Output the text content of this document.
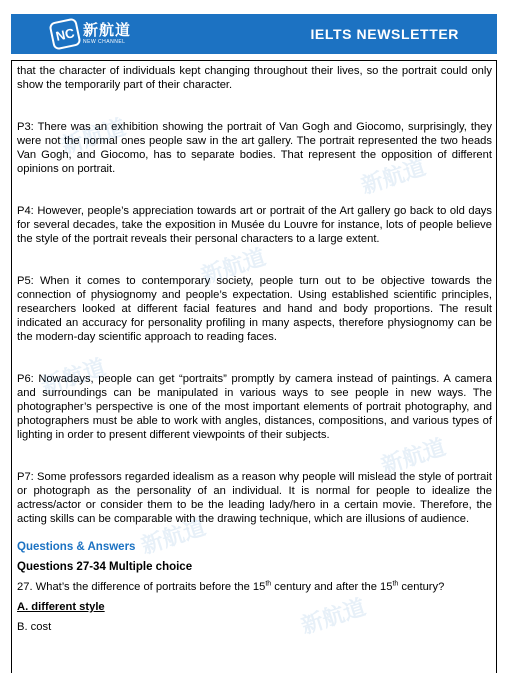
NC 新航道
NEW CHANNEL	IELTS NEWSLETTER

that the character of individuals kept changing throughout their lives, so the portrait could only show the temporarily part of their character.

P3: There was an exhibition showing the portrait of Van Gogh and Giocomo, surprisingly, they were not the normal ones people saw in the art gallery. The portrait represented the two heads Van Gogh, and Giocomo, has to separate bodies. That represent the opposition of different opinions on portrait.

P4: However, people’s appreciation towards art or portrait of the Art gallery go back to old days for several decades, take the exposition in Musée du Louvre for instance, lots of people believe the style of the portrait reveals their personal characters to a large extent.

P5: When it comes to contemporary society, people turn out to be objective towards the connection of physiognomy and people’s expectation. Using established scientific principles, researchers looked at different facial features and hand and body proportions. The result indicated an accuracy for personality profiling in many aspects, therefore physiognomy can be the modern-day scientific approach to reading faces.

P6: Nowadays, people can get “portraits” promptly by camera instead of paintings. A camera and surroundings can be manipulated in various ways to see people in new ways. The photographer’s perspective is one of the most important elements of portrait photography, and photographers must be able to work with angles, distances, compositions, and various types of lighting in order to present different viewpoints of their subjects.

P7: Some professors regarded idealism as a reason why people will mislead the style of portrait or photograph as the personality of an individual. It is normal for people to idealize the actress/actor or consider them to be the leading lady/hero in a certain movie. Therefore, the acting skills can be comparable with the drawing technique, which are illusions of audience.

Questions & Answers

Questions 27-34 Multiple choice

27. What’s the difference of portraits before the 15th century and after the 15th century?

A. different style

B. cost

新航道
新航道
新航道
新航道
新航道
新航道
新航道
